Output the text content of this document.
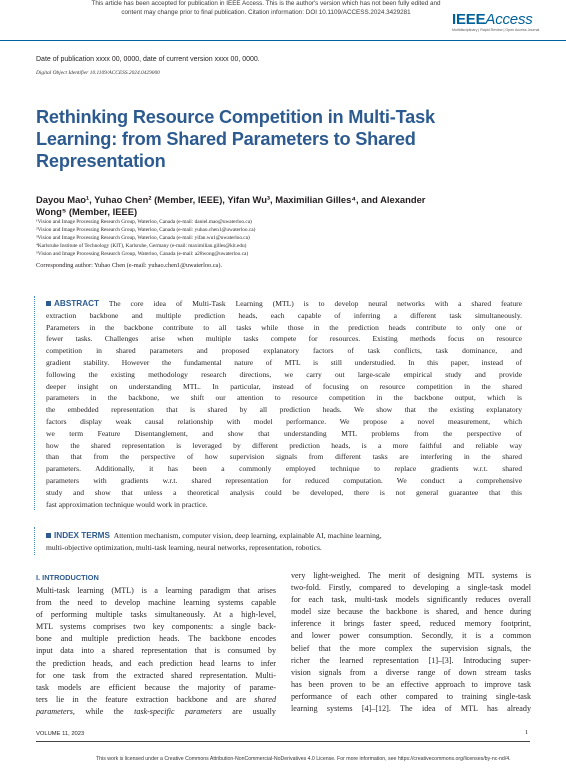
This article has been accepted for publication in IEEE Access. This is the author's version which has not been fully edited and
content may change prior to final publication. Citation information: DOI 10.1109/ACCESS.2024.3429281	IEEEAccess
Multidisciplinary | Rapid Review | Open Access Journal
Date of publication xxxx 00, 0000, date of current version xxxx 00, 0000.
Digital Object Identifier 10.1109/ACCESS.2024.0429000
Rethinking Resource Competition in Multi-Task
Learning: from Shared Parameters to Shared
Representation
Dayou Mao¹, Yuhao Chen² (Member, IEEE), Yifan Wu³, Maximilian Gilles⁴, and Alexander
Wong⁵ (Member, IEEE)
¹Vision and Image Processing Research Group, Waterloo, Canada (e-mail: daniel.mao@uwaterloo.ca)
²Vision and Image Processing Research Group, Waterloo, Canada (e-mail: yuhao.chen1@uwaterloo.ca)
³Vision and Image Processing Research Group, Waterloo, Canada (e-mail: yifan.wu1@uwaterloo.ca)
⁴Karlsruhe Institute of Technology (KIT), Karlsruhe, Germany (e-mail: maximilian.gilles@kit.edu)
⁵Vision and Image Processing Research Group, Waterloo, Canada (e-mail: a28wong@uwaterloo.ca)
Corresponding author: Yuhao Chen (e-mail: yuhao.chen1@uwaterloo.ca).
ABSTRACT The core idea of Multi-Task Learning (MTL) is to develop neural networks with a shared feature
extraction backbone and multiple prediction heads, each capable of inferring a different task simultaneously.
Parameters in the backbone contribute to all tasks while those in the prediction heads contribute to only one or
fewer tasks. Challenges arise when multiple tasks compete for resources. Existing methods focus on resource
competition in shared parameters and proposed explanatory factors of task conflicts, task dominance, and
gradient stability. However the fundamental nature of MTL is still understudied. In this paper, instead of
following the existing methodology research directions, we carry out large-scale empirical study and provide
deeper insight on understanding MTL. In particular, instead of focusing on resource competition in the shared
parameters in the backbone, we shift our attention to resource competition in the backbone output, which is
the embedded representation that is shared by all prediction heads. We show that the existing explanatory
factors display weak causal relationship with model performance. We propose a novel measurement, which
we term Feature Disentanglement, and show that understanding MTL problems from the perspective of
how the shared representation is leveraged by different prediction heads, is a more faithful and reliable way
than that from the perspective of how supervision signals from different tasks are interfering in the shared
parameters. Additionally, it has been a commonly employed technique to replace gradients w.r.t. shared
parameters with gradients w.r.t. shared representation for reduced computation. We conduct a comprehensive
study and show that unless a theoretical analysis could be developed, there is not general guarantee that this
fast approximation technique would work in practice.
INDEX TERMS Attention mechanism, computer vision, deep learning, explainable AI, machine learning,
multi-objective optimization, multi-task learning, neural networks, representation, robotics.
I. INTRODUCTION
Multi-task learning (MTL) is a learning paradigm that arises
from the need to develop machine learning systems capable
of performing multiple tasks simultaneously. At a high-level,
MTL systems comprises two key components: a single back-
bone and multiple prediction heads. The backbone encodes
input data into a shared representation that is consumed by
the prediction heads, and each prediction head learns to infer
for one task from the extracted shared representation. Multi-
task models are efficient because the majority of parame-
ters lie in the feature extraction backbone and are shared
parameters, while the task-specific parameters are usually
very light-weighed. The merit of designing MTL systems is
two-fold. Firstly, compared to developing a single-task model
for each task, multi-task models significantly reduces overall
model size because the backbone is shared, and hence during
inference it brings faster speed, reduced memory footprint,
and lower power consumption. Secondly, it is a common
belief that the more complex the supervision signals, the
richer the learned representation [1]–[3]. Introducing super-
vision signals from a diverse range of down stream tasks
has been proven to be an effective approach to improve task
performance of each other compared to training single-task
learning systems [4]–[12]. The idea of MTL has already
VOLUME 11, 2023	1
This work is licensed under a Creative Commons Attribution-NonCommercial-NoDerivatives 4.0 License. For more information, see https://creativecommons.org/licenses/by-nc-nd/4.
